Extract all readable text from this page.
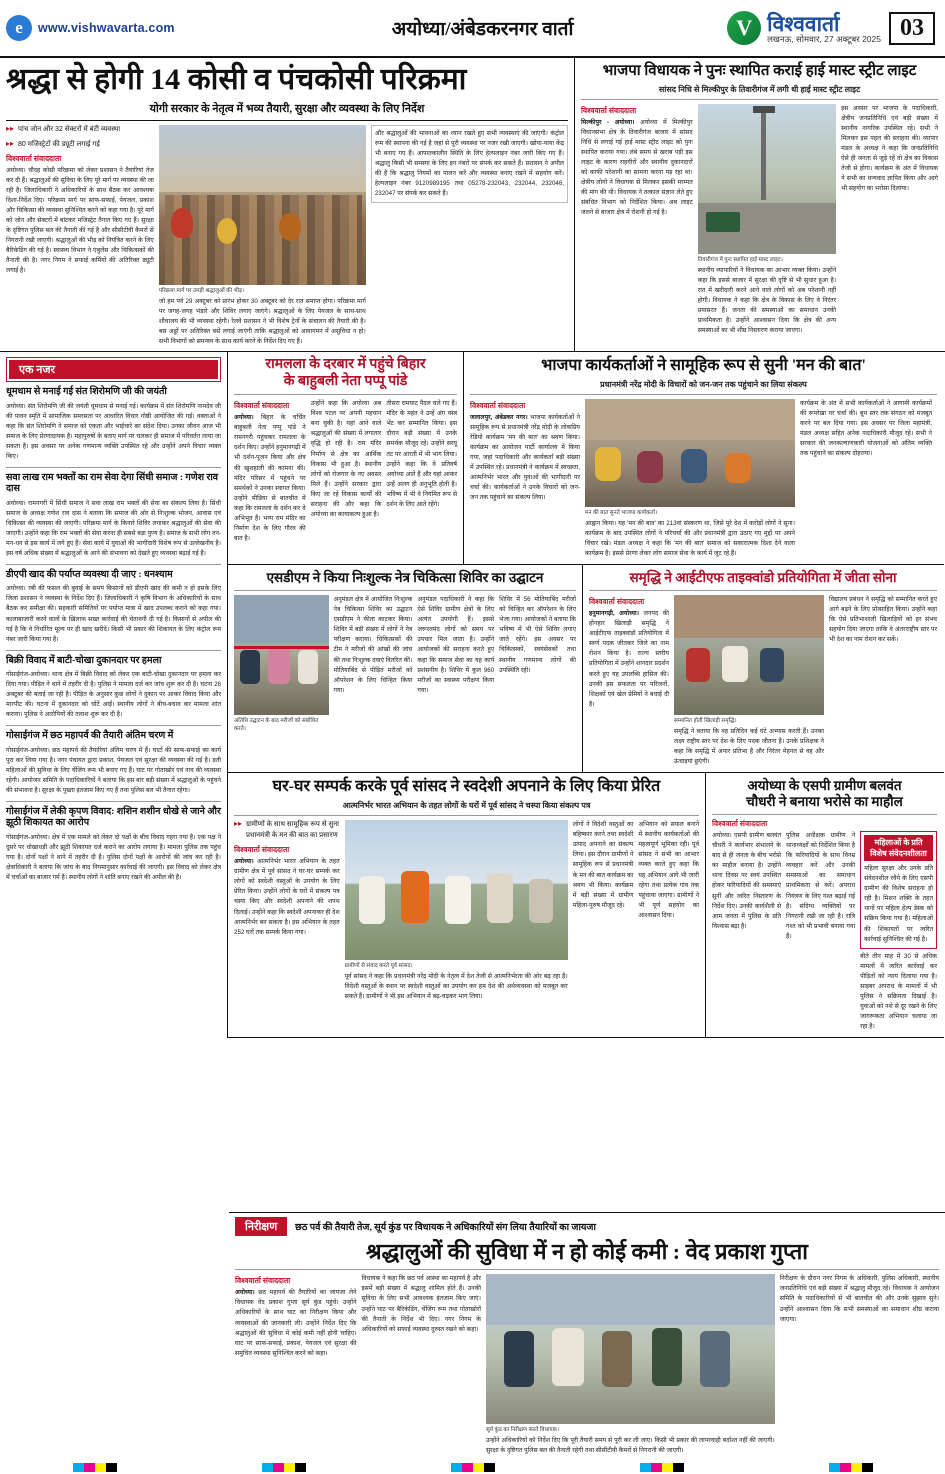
e	www.vishwavarta.com	अयोध्या/अंबेडकरनगर वार्ता	V विश्ववार्ता
लखनऊ, सोमवार, 27 अक्टूबर 2025 03
श्रद्धा से होगी 14 कोसी व पंचकोसी परिक्रमा
योगी सरकार के नेतृत्व में भव्य तैयारी, सुरक्षा और व्यवस्था के लिए निर्देश
▸▸ पांच जोन और 32 सेक्टरों में बंटी व्यवस्था
▸▸ 80 मजिस्ट्रेटों की ड्यूटी लगाई गई
विश्ववार्ता संवाददाता
अयोध्या। चौदह कोसी परिक्रमा को लेकर प्रशासन ने तैयारियां तेज कर दी हैं। श्रद्धालुओं की सुविधा के लिए पूरे मार्ग पर व्यवस्था की जा रही है। जिलाधिकारी ने अधिकारियों के साथ बैठक कर आवश्यक दिशा-निर्देश दिए। परिक्रमा मार्ग पर साफ-सफाई, पेयजल, प्रकाश और चिकित्सा की व्यवस्था सुनिश्चित करने को कहा गया है। पूरे मार्ग को जोन और सेक्टरों में बांटकर मजिस्ट्रेट तैनात किए गए हैं। सुरक्षा के दृष्टिगत पुलिस बल की तैनाती की गई है और सीसीटीवी कैमरों से निगरानी रखी जाएगी। श्रद्धालुओं की भीड़ को नियंत्रित करने के लिए बैरिकेडिंग की गई है। स्वास्थ्य विभाग ने एंबुलेंस और चिकित्सकों की तैनाती की है। नगर निगम ने सफाई कर्मियों की अतिरिक्त ड्यूटी लगाई है।
परिक्रमा मार्ग पर उमड़ी श्रद्धालुओं की भीड़।
जो हम पर्व 29 अक्टूबर को प्रारंभ होकर 30 अक्टूबर को देर रात समाप्त होगा। परिक्रमा मार्ग पर जगह-जगह भंडारे और शिविर लगाए जाएंगे। श्रद्धालुओं के लिए पेयजल के साथ-साथ शौचालय की भी व्यवस्था रहेगी। रेलवे प्रशासन ने भी विशेष ट्रेनों के संचालन की तैयारी की है। बस अड्डों पर अतिरिक्त बसें लगाई जाएंगी ताकि श्रद्धालुओं को आवागमन में असुविधा न हो। सभी विभागों को समन्वय के साथ कार्य करने के निर्देश दिए गए हैं।
और श्रद्धालुओं की भावनाओं का ध्यान रखते हुए सभी व्यवस्थाएं की जाएंगी। कंट्रोल रूम की स्थापना की गई है जहां से पूरी व्यवस्था पर नजर रखी जाएगी। खोया-पाया केंद्र भी बनाए गए हैं। आपातकालीन स्थिति के लिए हेल्पलाइन नंबर जारी किए गए हैं। श्रद्धालु किसी भी समस्या के लिए इन नंबरों पर संपर्क कर सकते हैं। प्रशासन ने अपील की है कि श्रद्धालु नियमों का पालन करें और व्यवस्था बनाए रखने में सहयोग करें। हेल्पलाइन नंबर 9120989195 तथा 05278-232043, 232044, 232046, 232047 पर संपर्क कर सकते हैं।
भाजपा विधायक ने पुनः स्थापित कराई हाई मास्ट स्ट्रीट लाइट
सांसद निधि से मिल्कीपुर के तिवारीगंज में लगी थी हाई मास्ट स्ट्रीट लाइट
विश्ववार्ता संवाददाता
मिल्कीपुर - अयोध्या। अयोध्या में मिल्कीपुर विधानसभा क्षेत्र के तिवारीगंज बाजार में सांसद निधि से लगाई गई हाई मास्ट स्ट्रीट लाइट को पुनः स्थापित कराया गया। लंबे समय से खराब पड़ी इस लाइट के कारण राहगीरों और स्थानीय दुकानदारों को काफी परेशानी का सामना करना पड़ रहा था। क्षेत्रीय लोगों ने विधायक से मिलकर इसकी मरम्मत की मांग की थी। विधायक ने तत्काल संज्ञान लेते हुए संबंधित विभाग को निर्देशित किया। अब लाइट जलने से बाजार क्षेत्र में रोशनी हो गई है।
तिवारीगंज में पुनः स्थापित हाई मास्ट लाइट।
स्थानीय व्यापारियों ने विधायक का आभार व्यक्त किया। उन्होंने कहा कि इससे बाजार में सुरक्षा की दृष्टि से भी सुधार हुआ है। रात में खरीदारी करने आने वाले लोगों को अब परेशानी नहीं होगी। विधायक ने कहा कि क्षेत्र के विकास के लिए वे निरंतर प्रयासरत हैं। जनता की समस्याओं का समाधान उनकी प्राथमिकता है। उन्होंने आश्वासन दिया कि क्षेत्र की अन्य समस्याओं का भी शीघ्र निस्तारण कराया जाएगा।
इस अवसर पर भाजपा के पदाधिकारी, क्षेत्रीय जनप्रतिनिधि एवं बड़ी संख्या में स्थानीय नागरिक उपस्थित रहे। सभी ने मिलकर इस पहल की सराहना की। व्यापार मंडल के अध्यक्ष ने कहा कि जनप्रतिनिधि ऐसे ही जनता से जुड़े रहें तो क्षेत्र का विकास तेजी से होगा। कार्यक्रम के अंत में विधायक ने सभी का धन्यवाद ज्ञापित किया और आगे भी सहयोग का भरोसा दिलाया।
एक नजर
धूमधाम से मनाई गई संत शिरोमणि जी की जयंती
अयोध्या। संत शिरोमणि जी की जयंती धूमधाम से मनाई गई। कार्यक्रम में संत शिरोमणि नामदेव जी की पावन स्मृति में सामाजिक समरसता पर आधारित विचार गोष्ठी आयोजित की गई। वक्ताओं ने कहा कि संत शिरोमणि ने समाज को एकता और भाईचारे का संदेश दिया। उनका जीवन आज भी समाज के लिए प्रेरणादायक है। महापुरुषों के बताए मार्ग पर चलकर ही समाज में परिवर्तन लाया जा सकता है। इस अवसर पर अनेक गणमान्य व्यक्ति उपस्थित रहे और उन्होंने अपने विचार व्यक्त किए।
सवा लाख राम भक्तों का राम सेवा देगा सिंधी समाज : गणेश राव दास
अयोध्या। रामनगरी में सिंधी समाज ने सवा लाख राम भक्तों की सेवा का संकल्प लिया है। सिंधी समाज के अध्यक्ष गणेश राव दास ने बताया कि समाज की ओर से निःशुल्क भोजन, आवास एवं चिकित्सा की व्यवस्था की जाएगी। परिक्रमा मार्ग के किनारे शिविर लगाकर श्रद्धालुओं की सेवा की जाएगी। उन्होंने कहा कि राम भक्तों की सेवा करना ही सबसे बड़ा पुण्य है। समाज के सभी लोग तन-मन-धन से इस कार्य में लगे हुए हैं। सेवा कार्य में युवाओं की भागीदारी विशेष रूप से उल्लेखनीय है। इस वर्ष अधिक संख्या में श्रद्धालुओं के आने की संभावना को देखते हुए व्यवस्था बढ़ाई गई है।
डीएपी खाद की पर्याप्त व्यवस्था दी जाए : धनश्याम
अयोध्या। रबी की फसल की बुवाई के समय किसानों को डीएपी खाद की कमी न हो इसके लिए जिला प्रशासन ने व्यवस्था के निर्देश दिए हैं। जिलाधिकारी ने कृषि विभाग के अधिकारियों के साथ बैठक कर समीक्षा की। सहकारी समितियों पर पर्याप्त मात्रा में खाद उपलब्ध कराने को कहा गया। कालाबाजारी करने वालों के खिलाफ सख्त कार्रवाई की चेतावनी दी गई है। किसानों से अपील की गई है कि वे निर्धारित मूल्य पर ही खाद खरीदें। किसी भी प्रकार की शिकायत के लिए कंट्रोल रूम नंबर जारी किया गया है।
बिक्री विवाद में बाटी-चोखा दुकानदार पर हमला
गोसाईगंज-अयोध्या। थाना क्षेत्र में बिक्री विवाद को लेकर एक बाटी-चोखा दुकानदार पर हमला कर दिया गया। पीड़ित ने थाने में तहरीर दी है। पुलिस ने मामला दर्ज कर जांच शुरू कर दी है। घटना 26 अक्टूबर की बताई जा रही है। पीड़ित के अनुसार कुछ लोगों ने दुकान पर आकर विवाद किया और मारपीट की। घटना में दुकानदार को चोटें आईं। स्थानीय लोगों ने बीच-बचाव कर मामला शांत कराया। पुलिस ने आरोपियों की तलाश शुरू कर दी है।
गोसाईगंज में छठ महापर्व की तैयारी अंतिम चरण में
गोसाईगंज-अयोध्या। छठ महापर्व की तैयारियां अंतिम चरण में हैं। घाटों की साफ-सफाई का कार्य पूरा कर लिया गया है। नगर पंचायत द्वारा प्रकाश, पेयजल एवं सुरक्षा की व्यवस्था की गई है। व्रती महिलाओं की सुविधा के लिए चेंजिंग रूम भी बनाए गए हैं। घाट पर गोताखोर एवं नाव की व्यवस्था रहेगी। आयोजन समिति के पदाधिकारियों ने बताया कि इस बार बड़ी संख्या में श्रद्धालुओं के पहुंचने की संभावना है। सुरक्षा के पुख्ता इंतजाम किए गए हैं तथा पुलिस बल भी तैनात रहेगा।
गोसाईगंज में लेकी कृपण विवाद: शशिन शशीन धोखे से जाने और झूठी शिकायत का आरोप
गोसाईगंज-अयोध्या। क्षेत्र में एक मामले को लेकर दो पक्षों के बीच विवाद गहरा गया है। एक पक्ष ने दूसरे पर धोखाधड़ी और झूठी शिकायत दर्ज कराने का आरोप लगाया है। मामला पुलिस तक पहुंच गया है। दोनों पक्षों ने थाने में तहरीर दी है। पुलिस दोनों पक्षों के आरोपों की जांच कर रही है। क्षेत्राधिकारी ने बताया कि जांच के बाद नियमानुसार कार्रवाई की जाएगी। इस विवाद को लेकर क्षेत्र में चर्चाओं का बाजार गर्म है। स्थानीय लोगों ने शांति बनाए रखने की अपील की है।
रामलला के दरबार में पहुंचे बिहार
के बाहुबली नेता पप्पू पांडे
विश्ववार्ता संवाददाता
अयोध्या। बिहार के चर्चित बाहुबली नेता पप्पू पांडे ने रामनगरी पहुंचकर रामलला के दर्शन किए। उन्होंने हनुमानगढ़ी में भी दर्शन-पूजन किया और क्षेत्र की खुशहाली की कामना की। मंदिर परिसर में पहुंचने पर समर्थकों ने उनका स्वागत किया। उन्होंने मीडिया से बातचीत में कहा कि रामलला के दर्शन कर वे अभिभूत हैं। भव्य राम मंदिर का निर्माण देश के लिए गौरव की बात है।
उन्होंने कहा कि अयोध्या अब विश्व पटल पर अपनी पहचान बना चुकी है। यहां आने वाले श्रद्धालुओं की संख्या में लगातार वृद्धि हो रही है। राम मंदिर निर्माण से क्षेत्र का आर्थिक विकास भी हुआ है। स्थानीय लोगों को रोजगार के नए अवसर मिले हैं। उन्होंने सरकार द्वारा किए जा रहे विकास कार्यों की सराहना की और कहा कि अयोध्या का कायाकल्प हुआ है।
तीसरा रामघाट पैदल चले गए हैं। मंदिर के महंत ने उन्हें अंग वस्त्र भेंट कर सम्मानित किया। इस दौरान बड़ी संख्या में उनके समर्थक मौजूद रहे। उन्होंने सरयू तट पर आरती में भी भाग लिया। उन्होंने कहा कि वे प्रतिवर्ष अयोध्या आते हैं और यहां आकर उन्हें अलग ही अनुभूति होती है। भविष्य में भी वे नियमित रूप से दर्शन के लिए आते रहेंगे।
भाजपा कार्यकर्ताओं ने सामूहिक रूप से सुनी 'मन की बात'
प्रधानमंत्री नरेंद्र मोदी के विचारों को जन-जन तक पहुंचाने का लिया संकल्प
विश्ववार्ता संवाददाता
जलालपुर, अंबेडकर नगर। भाजपा कार्यकर्ताओं ने सामूहिक रूप से प्रधानमंत्री नरेंद्र मोदी के लोकप्रिय रेडियो कार्यक्रम 'मन की बात' का श्रवण किया। कार्यक्रम का आयोजन पार्टी कार्यालय में किया गया, जहां पदाधिकारी और कार्यकर्ता बड़ी संख्या में उपस्थित रहे। प्रधानमंत्री ने कार्यक्रम में स्वच्छता, आत्मनिर्भर भारत और युवाओं की भागीदारी पर चर्चा की। कार्यकर्ताओं ने उनके विचारों को जन-जन तक पहुंचाने का संकल्प लिया।
मन की बात सुनते भाजपा कार्यकर्ता।
आह्वान किया। यह 'मन की बात' का 213वां संस्करण था, जिसे पूरे देश में करोड़ों लोगों ने सुना। कार्यक्रम के बाद उपस्थित लोगों ने परिचर्चा की और प्रधानमंत्री द्वारा उठाए गए मुद्दों पर अपने विचार रखे। मंडल अध्यक्ष ने कहा कि 'मन की बात' समाज को सकारात्मक दिशा देने वाला कार्यक्रम है। इससे प्रेरणा लेकर लोग समाज सेवा के कार्य में जुट रहे हैं।
कार्यक्रम के अंत में सभी कार्यकर्ताओं ने आगामी कार्यक्रमों की रूपरेखा पर चर्चा की। बूथ स्तर तक संगठन को मजबूत करने पर बल दिया गया। इस अवसर पर जिला महामंत्री, मंडल अध्यक्ष सहित अनेक पदाधिकारी मौजूद रहे। सभी ने सरकार की जनकल्याणकारी योजनाओं को अंतिम व्यक्ति तक पहुंचाने का संकल्प दोहराया।
एसडीएम ने किया निःशुल्क नेत्र चिकित्सा शिविर का उद्घाटन
अतिथि उद्घाटन के बाद मरीजों को संबोधित करते।
अनुमंडल क्षेत्र में आयोजित निःशुल्क नेत्र चिकित्सा शिविर का उद्घाटन एसडीएम ने फीता काटकर किया। शिविर में बड़ी संख्या में लोगों ने नेत्र परीक्षण कराया। चिकित्सकों की टीम ने मरीजों की आंखों की जांच की तथा निःशुल्क दवाएं वितरित कीं। मोतियाबिंद से पीड़ित मरीजों को ऑपरेशन के लिए चिन्हित किया गया।
अनुमंडल पदाधिकारी ने कहा कि ऐसे शिविर ग्रामीण क्षेत्रों के लिए अत्यंत उपयोगी हैं। इससे जरूरतमंद लोगों को समय पर उपचार मिल जाता है। उन्होंने आयोजकों की सराहना करते हुए कहा कि समाज सेवा का यह कार्य प्रशंसनीय है। शिविर में कुल 960 मरीजों का स्वास्थ्य परीक्षण किया गया।
शिविर में 56 मोतियाबिंद मरीजों को चिन्हित कर ऑपरेशन के लिए भेजा गया। आयोजकों ने बताया कि भविष्य में भी ऐसे शिविर लगाए जाते रहेंगे। इस अवसर पर चिकित्सकों, स्वयंसेवकों तथा स्थानीय गणमान्य लोगों की उपस्थिति रही।
समृद्धि ने आईटीएफ ताइक्वांडो प्रतियोगिता में जीता सोना
विश्ववार्ता संवाददाता
हनुमानगढ़ी, अयोध्या। जनपद की होनहार खिलाड़ी समृद्धि ने आईटीएफ ताइक्वांडो प्रतियोगिता में स्वर्ण पदक जीतकर जिले का नाम रोशन किया है। राज्य स्तरीय प्रतियोगिता में उन्होंने शानदार प्रदर्शन करते हुए यह उपलब्धि हासिल की। उनकी इस सफलता पर परिजनों, शिक्षकों एवं खेल प्रेमियों ने बधाई दी है।
सम्मानित होतीं खिलाड़ी समृद्धि।
समृद्धि ने बताया कि वह प्रतिदिन कई घंटे अभ्यास करती हैं। उनका लक्ष्य राष्ट्रीय स्तर पर देश के लिए पदक जीतना है। उनके प्रशिक्षक ने कहा कि समृद्धि में अपार प्रतिभा है और निरंतर मेहनत से वह और ऊंचाइयां छुएंगी।
विद्यालय प्रबंधन ने समृद्धि को सम्मानित करते हुए आगे बढ़ने के लिए प्रोत्साहित किया। उन्होंने कहा कि ऐसे प्रतिभाशाली खिलाड़ियों को हर संभव सहयोग दिया जाएगा ताकि वे अंतरराष्ट्रीय स्तर पर भी देश का नाम रोशन कर सकें।
घर-घर सम्पर्क करके पूर्व सांसद ने स्वदेशी अपनाने के लिए किया प्रेरित
आत्मनिर्भर भारत अभियान के तहत लोगों के घरों में पूर्व सांसद ने चस्पा किया संकल्प पत्र
▸▸ ग्रामीणों के साथ सामूहिक रूप से सुना प्रधानमंत्री के मन की बात का प्रसारण
विश्ववार्ता संवाददाता
अयोध्या। आत्मनिर्भर भारत अभियान के तहत ग्रामीण क्षेत्र में पूर्व सांसद ने घर-घर सम्पर्क कर लोगों को स्वदेशी वस्तुओं के उपयोग के लिए प्रेरित किया। उन्होंने लोगों के घरों में संकल्प पत्र चस्पा किए और स्वदेशी अपनाने की शपथ दिलाई। उन्होंने कहा कि स्वदेशी अपनाकर ही देश आत्मनिर्भर बन सकता है। इस अभियान के तहत 252 घरों तक सम्पर्क किया गया।
ग्रामीणों से संवाद करते पूर्व सांसद।
पूर्व सांसद ने कहा कि प्रधानमंत्री नरेंद्र मोदी के नेतृत्व में देश तेजी से आत्मनिर्भरता की ओर बढ़ रहा है। विदेशी वस्तुओं के स्थान पर स्वदेशी वस्तुओं का उपयोग कर हम देश की अर्थव्यवस्था को मजबूत कर सकते हैं। ग्रामीणों ने भी इस अभियान में बढ़-चढ़कर भाग लिया।
लोगों ने विदेशी वस्तुओं का बहिष्कार करने तथा स्वदेशी उत्पाद अपनाने का संकल्प लिया। इस दौरान ग्रामीणों ने सामूहिक रूप से प्रधानमंत्री के मन की बात कार्यक्रम का श्रवण भी किया। कार्यक्रम में बड़ी संख्या में ग्रामीण महिला-पुरुष मौजूद रहे।
अभियान को सफल बनाने में स्थानीय कार्यकर्ताओं की महत्वपूर्ण भूमिका रही। पूर्व सांसद ने सभी का आभार व्यक्त करते हुए कहा कि यह अभियान आगे भी जारी रहेगा तथा प्रत्येक गांव तक पहुंचाया जाएगा। ग्रामीणों ने भी पूर्ण सहयोग का आश्वासन दिया।
अयोध्या के एसपी ग्रामीण बलवंत
चौधरी ने बनाया भरोसे का माहौल
विश्ववार्ता संवाददाता
अयोध्या। एसपी ग्रामीण बलवंत चौधरी ने कार्यभार संभालने के बाद से ही जनता के बीच भरोसे का माहौल बनाया है। उन्होंने थाना दिवस पर स्वयं उपस्थित होकर फरियादियों की समस्याएं सुनीं और त्वरित निस्तारण के निर्देश दिए। उनकी कार्यशैली से आम जनता में पुलिस के प्रति विश्वास बढ़ा है।
पुलिस अधीक्षक ग्रामीण ने थानाध्यक्षों को निर्देशित किया है कि फरियादियों के साथ विनम्र व्यवहार करें और उनकी समस्याओं का समाधान प्राथमिकता से करें। अपराध नियंत्रण के लिए गश्त बढ़ाई गई है। संदिग्ध व्यक्तियों पर निगरानी रखी जा रही है। रात्रि गश्त को भी प्रभावी बनाया गया है।
महिलाओं के प्रति विशेष संवेदनशीलता
महिला सुरक्षा और उनके प्रति संवेदनशील रवैये के लिए एसपी ग्रामीण की विशेष सराहना हो रही है। मिशन शक्ति के तहत थानों पर महिला हेल्प डेस्क को सक्रिय किया गया है। महिलाओं की शिकायतों पर त्वरित कार्रवाई सुनिश्चित की गई है।
बीते तीन माह में 30 से अधिक मामलों में त्वरित कार्रवाई कर पीड़ितों को न्याय दिलाया गया है। साइबर अपराध के मामलों में भी पुलिस ने सक्रियता दिखाई है। युवाओं को नशे से दूर रखने के लिए जागरूकता अभियान चलाया जा रहा है।
निरीक्षण	छठ पर्व की तैयारी तेज, सूर्य कुंड पर विधायक ने अधिकारियों संग लिया तैयारियों का जायजा
श्रद्धालुओं की सुविधा में न हो कोई कमी : वेद प्रकाश गुप्ता
विश्ववार्ता संवाददाता
अयोध्या। छठ महापर्व की तैयारियों का जायजा लेने विधायक वेद प्रकाश गुप्ता सूर्य कुंड पहुंचे। उन्होंने अधिकारियों के साथ घाट का निरीक्षण किया और व्यवस्थाओं की जानकारी ली। उन्होंने निर्देश दिए कि श्रद्धालुओं की सुविधा में कोई कमी नहीं होनी चाहिए। घाट पर साफ-सफाई, प्रकाश, पेयजल एवं सुरक्षा की समुचित व्यवस्था सुनिश्चित करने को कहा।
विधायक ने कहा कि छठ पर्व आस्था का महापर्व है और इसमें बड़ी संख्या में श्रद्धालु शामिल होते हैं। उनकी सुविधा के लिए सभी आवश्यक इंतजाम किए जाएं। उन्होंने घाट पर बैरिकेडिंग, चेंजिंग रूम तथा गोताखोरों की तैनाती के निर्देश भी दिए। नगर निगम के अधिकारियों को सफाई व्यवस्था दुरुस्त रखने को कहा।
सूर्य कुंड का निरीक्षण करते विधायक।
उन्होंने अधिकारियों को निर्देश दिए कि पूरी तैयारी समय से पूरी कर ली जाए। किसी भी प्रकार की लापरवाही बर्दाश्त नहीं की जाएगी। सुरक्षा के दृष्टिगत पुलिस बल की तैनाती रहेगी तथा सीसीटीवी कैमरों से निगरानी की जाएगी।
निरीक्षण के दौरान नगर निगम के अधिकारी, पुलिस अधिकारी, स्थानीय जनप्रतिनिधि एवं बड़ी संख्या में श्रद्धालु मौजूद रहे। विधायक ने आयोजन समिति के पदाधिकारियों से भी बातचीत की और उनके सुझाव सुने। उन्होंने आश्वासन दिया कि सभी समस्याओं का समाधान शीघ्र कराया जाएगा।
